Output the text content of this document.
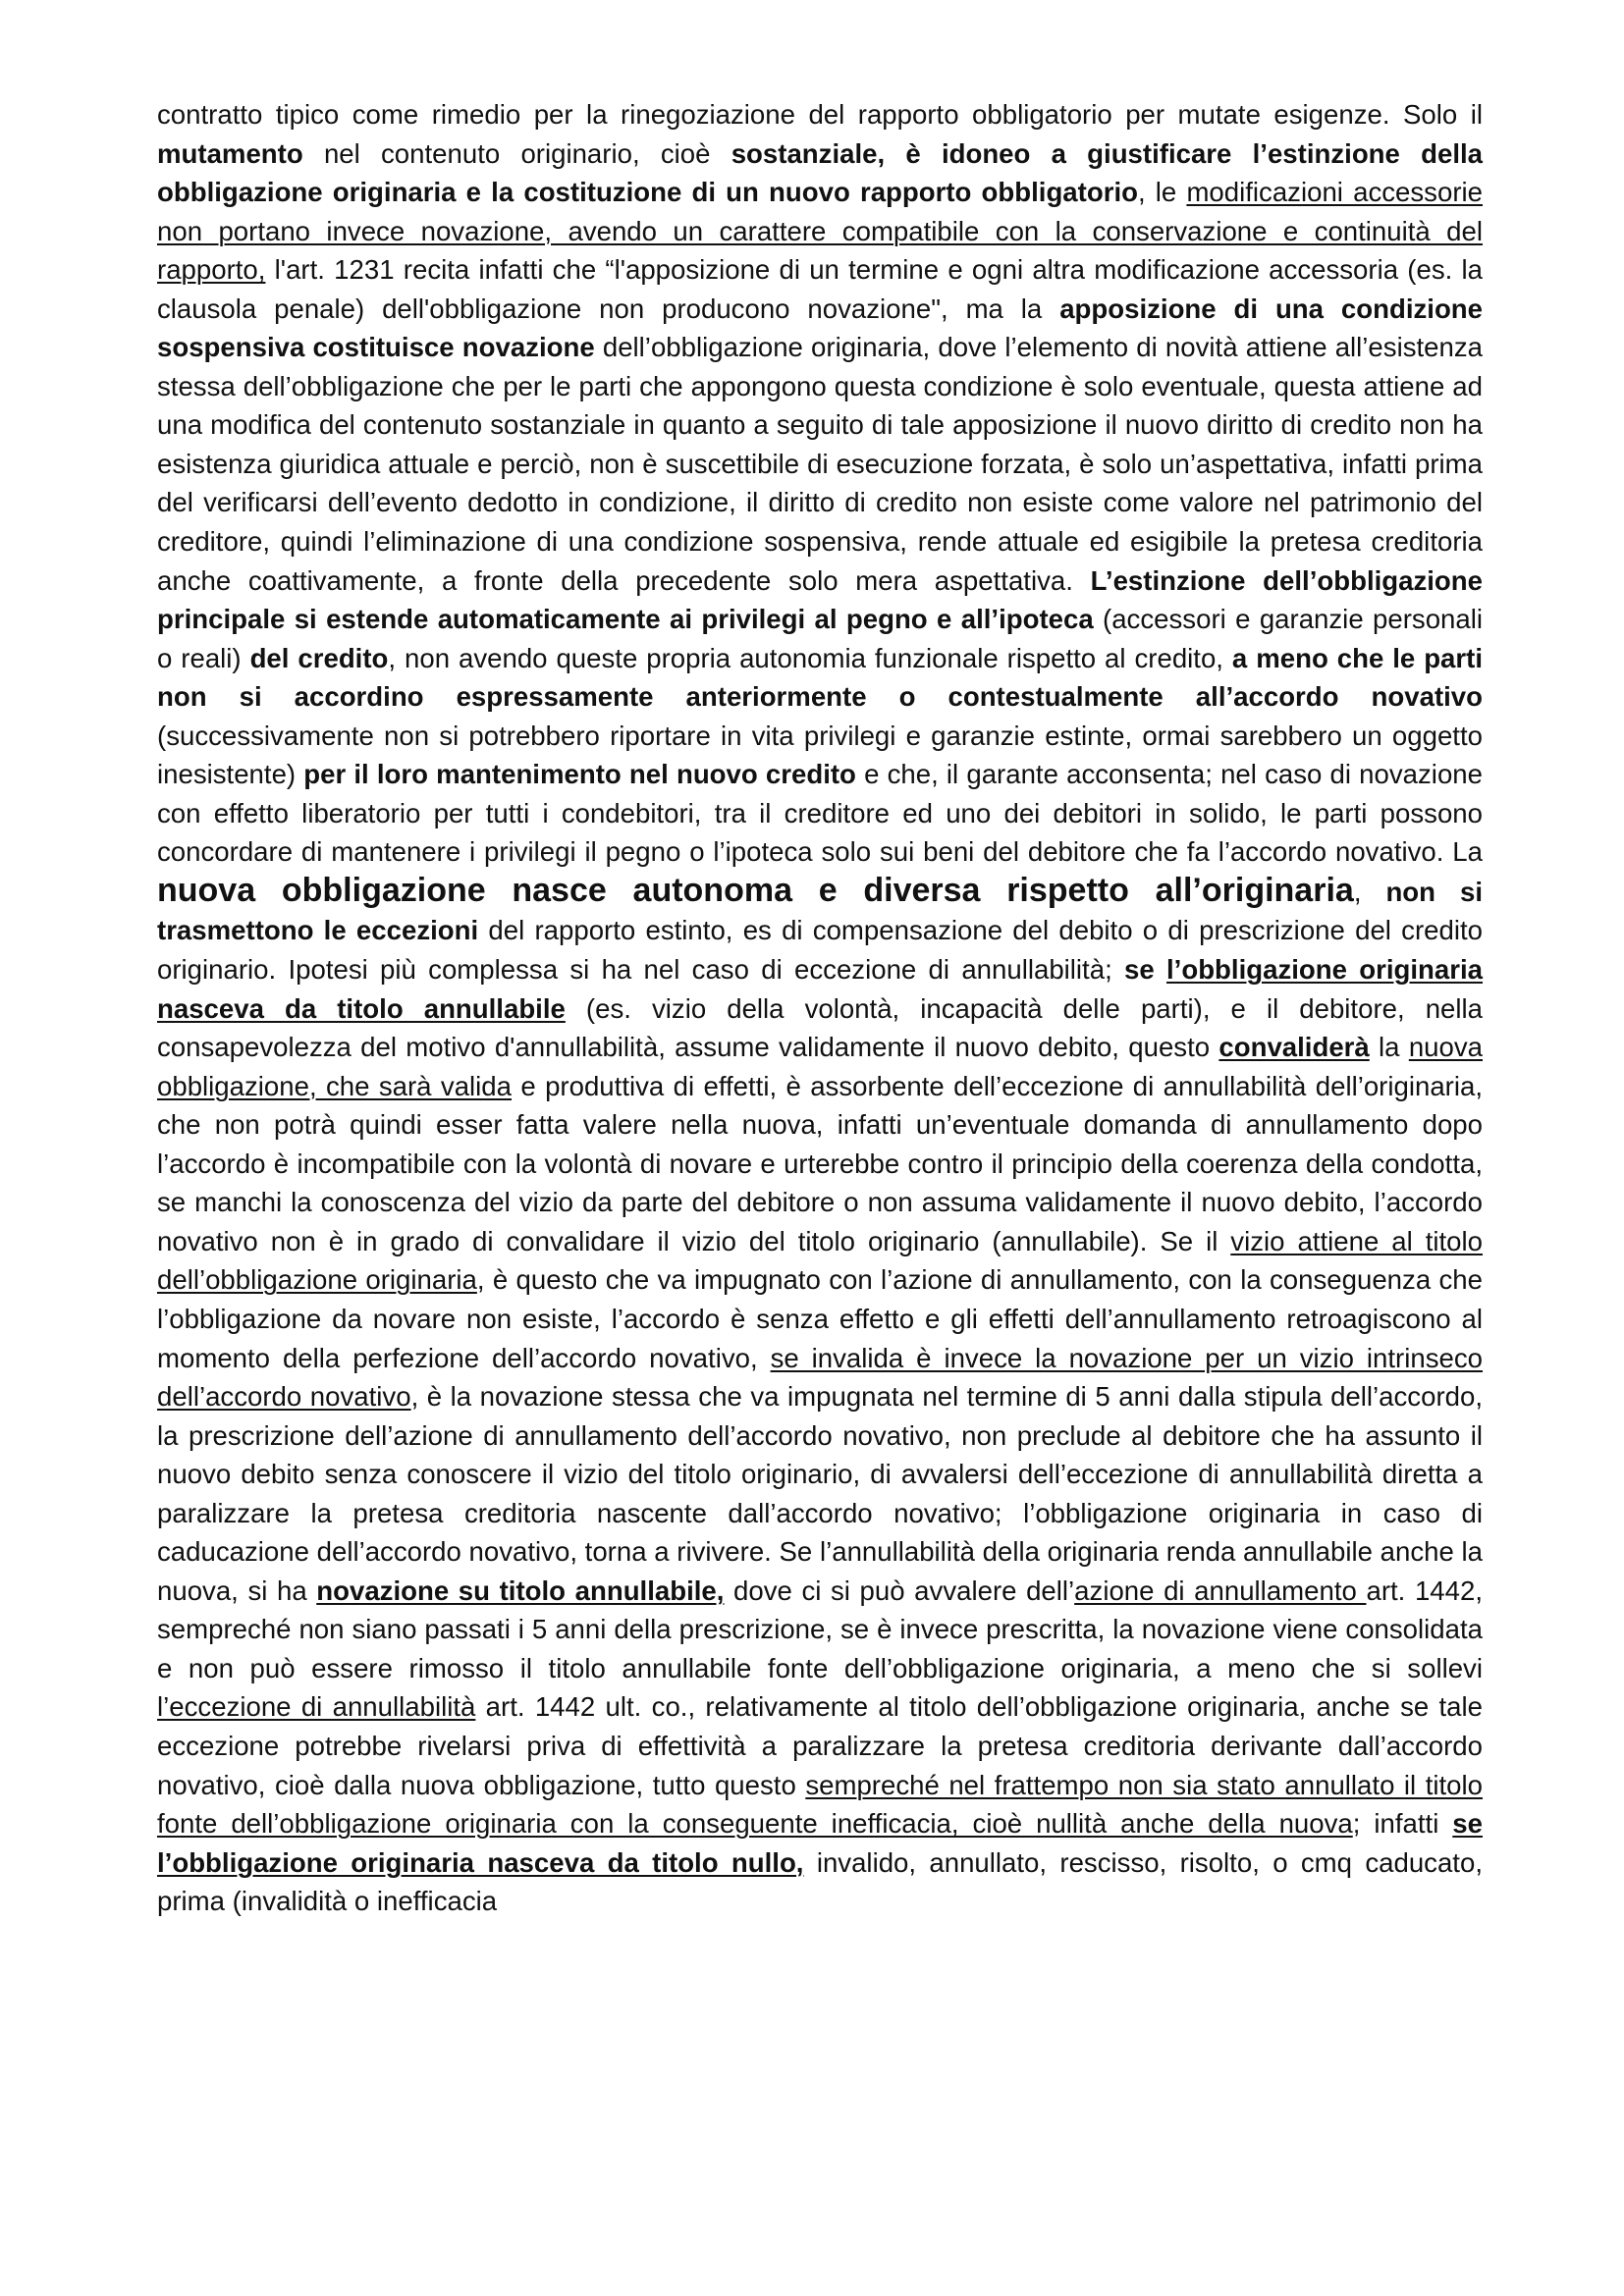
contratto tipico come rimedio per la rinegoziazione del rapporto obbligatorio per mutate esigenze. Solo il mutamento nel contenuto originario, cioè sostanziale, è idoneo a giustificare l’estinzione della obbligazione originaria e la costituzione di un nuovo rapporto obbligatorio, le modificazioni accessorie non portano invece novazione, avendo un carattere compatibile con la conservazione e continuità del rapporto, l'art. 1231 recita infatti che “l'apposizione di un termine e ogni altra modificazione accessoria (es. la clausola penale) dell'obbligazione non producono novazione", ma la apposizione di una condizione sospensiva costituisce novazione dell’obbligazione originaria, dove l’elemento di novità attiene all’esistenza stessa dell’obbligazione che per le parti che appongono questa condizione è solo eventuale, questa attiene ad una modifica del contenuto sostanziale in quanto a seguito di tale apposizione il nuovo diritto di credito non ha esistenza giuridica attuale e perciò, non è suscettibile di esecuzione forzata, è solo un’aspettativa, infatti prima del verificarsi dell’evento dedotto in condizione, il diritto di credito non esiste come valore nel patrimonio del creditore, quindi l’eliminazione di una condizione sospensiva, rende attuale ed esigibile la pretesa creditoria anche coattivamente, a fronte della precedente solo mera aspettativa. L’estinzione dell’obbligazione principale si estende automaticamente ai privilegi al pegno e all’ipoteca (accessori e garanzie personali o reali) del credito, non avendo queste propria autonomia funzionale rispetto al credito, a meno che le parti non si accordino espressamente anteriormente o contestualmente all’accordo novativo (successivamente non si potrebbero riportare in vita privilegi e garanzie estinte, ormai sarebbero un oggetto inesistente) per il loro mantenimento nel nuovo credito e che, il garante acconsenta; nel caso di novazione con effetto liberatorio per tutti i condebitori, tra il creditore ed uno dei debitori in solido, le parti possono concordare di mantenere i privilegi il pegno o l’ipoteca solo sui beni del debitore che fa l’accordo novativo. La nuova obbligazione nasce autonoma e diversa rispetto all’originaria, non si trasmettono le eccezioni del rapporto estinto, es di compensazione del debito o di prescrizione del credito originario. Ipotesi più complessa si ha nel caso di eccezione di annullabilità; se l’obbligazione originaria nasceva da titolo annullabile (es. vizio della volontà, incapacità delle parti), e il debitore, nella consapevolezza del motivo d'annullabilità, assume validamente il nuovo debito, questo convaliderà la nuova obbligazione, che sarà valida e produttiva di effetti, è assorbente dell’eccezione di annullabilità dell’originaria, che non potrà quindi esser fatta valere nella nuova, infatti un’eventuale domanda di annullamento dopo l’accordo è incompatibile con la volontà di novare e urterebbe contro il principio della coerenza della condotta, se manchi la conoscenza del vizio da parte del debitore o non assuma validamente il nuovo debito, l’accordo novativo non è in grado di convalidare il vizio del titolo originario (annullabile). Se il vizio attiene al titolo dell’obbligazione originaria, è questo che va impugnato con l’azione di annullamento, con la conseguenza che l’obbligazione da novare non esiste, l’accordo è senza effetto e gli effetti dell’annullamento retroagiscono al momento della perfezione dell’accordo novativo, se invalida è invece la novazione per un vizio intrinseco dell’accordo novativo, è la novazione stessa che va impugnata nel termine di 5 anni dalla stipula dell’accordo, la prescrizione dell’azione di annullamento dell’accordo novativo, non preclude al debitore che ha assunto il nuovo debito senza conoscere il vizio del titolo originario, di avvalersi dell’eccezione di annullabilità diretta a paralizzare la pretesa creditoria nascente dall’accordo novativo; l’obbligazione originaria in caso di caducazione dell’accordo novativo, torna a rivivere. Se l’annullabilità della originaria renda annullabile anche la nuova, si ha novazione su titolo annullabile, dove ci si può avvalere dell’azione di annullamento art. 1442, sempreché non siano passati i 5 anni della prescrizione, se è invece prescritta, la novazione viene consolidata e non può essere rimosso il titolo annullabile fonte dell’obbligazione originaria, a meno che si sollevi l’eccezione di annullabilità art. 1442 ult. co., relativamente al titolo dell’obbligazione originaria, anche se tale eccezione potrebbe rivelarsi priva di effettività a paralizzare la pretesa creditoria derivante dall’accordo novativo, cioè dalla nuova obbligazione, tutto questo sempreché nel frattempo non sia stato annullato il titolo fonte dell’obbligazione originaria con la conseguente inefficacia, cioè nullità anche della nuova; infatti se l’obbligazione originaria nasceva da titolo nullo, invalido, annullato, rescisso, risolto, o cmq caducato, prima (invalidità o inefficacia
